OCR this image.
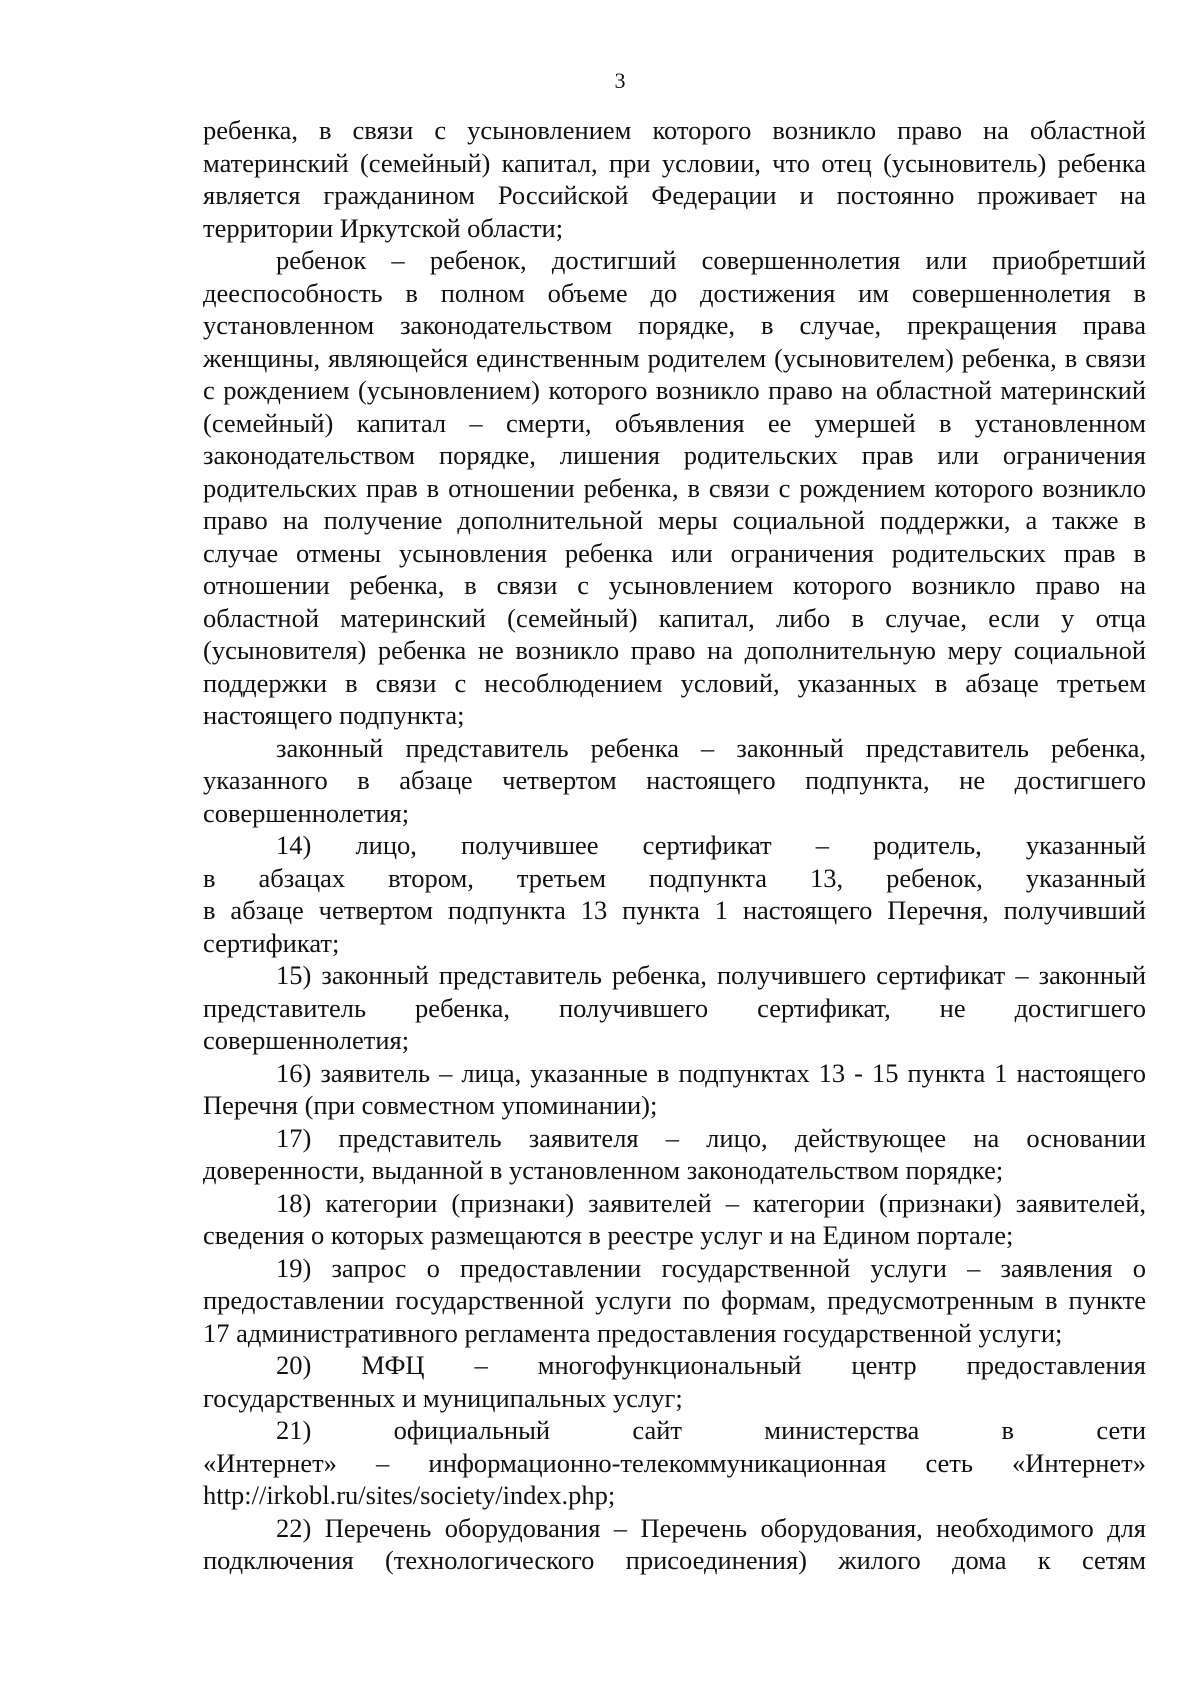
3

ребенка, в связи с усыновлением которого возникло право на областной материнский (семейный) капитал, при условии, что отец (усыновитель) ребенка является гражданином Российской Федерации и постоянно проживает на территории Иркутской области;

ребенок – ребенок, достигший совершеннолетия или приобретший дееспособность в полном объеме до достижения им совершеннолетия в установленном законодательством порядке, в случае, прекращения права женщины, являющейся единственным родителем (усыновителем) ребенка, в связи с рождением (усыновлением) которого возникло право на областной материнский (семейный) капитал – смерти, объявления ее умершей в установленном законодательством порядке, лишения родительских прав или ограничения родительских прав в отношении ребенка, в связи с рождением которого возникло право на получение дополнительной меры социальной поддержки, а также в случае отмены усыновления ребенка или ограничения родительских прав в отношении ребенка, в связи с усыновлением которого возникло право на областной материнский (семейный) капитал, либо в случае, если у отца (усыновителя) ребенка не возникло право на дополнительную меру социальной поддержки в связи с несоблюдением условий, указанных в абзаце третьем настоящего подпункта;

законный представитель ребенка – законный представитель ребенка, указанного в абзаце четвертом настоящего подпункта, не достигшего совершеннолетия;

14) лицо, получившее сертификат – родитель, указанный

в абзацах втором, третьем подпункта 13, ребенок, указанный

в абзаце четвертом подпункта 13 пункта 1 настоящего Перечня, получивший сертификат;

15) законный представитель ребенка, получившего сертификат – законный представитель ребенка, получившего сертификат, не достигшего совершеннолетия;

16) заявитель – лица, указанные в подпунктах 13 - 15 пункта 1 настоящего Перечня (при совместном упоминании);

17) представитель заявителя – лицо, действующее на основании доверенности, выданной в установленном законодательством порядке;

18) категории (признаки) заявителей – категории (признаки) заявителей, сведения о которых размещаются в реестре услуг и на Едином портале;

19) запрос о предоставлении государственной услуги – заявления о предоставлении государственной услуги по формам, предусмотренным в пункте 17 административного регламента предоставления государственной услуги;

20) МФЦ – многофункциональный центр предоставления

государственных и муниципальных услуг;

21) официальный сайт министерства в сети

«Интернет» – информационно-телекоммуникационная сеть «Интернет»

http://irkobl.ru/sites/society/index.php;

22) Перечень оборудования – Перечень оборудования, необходимого для подключения (технологического присоединения) жилого дома к сетям
